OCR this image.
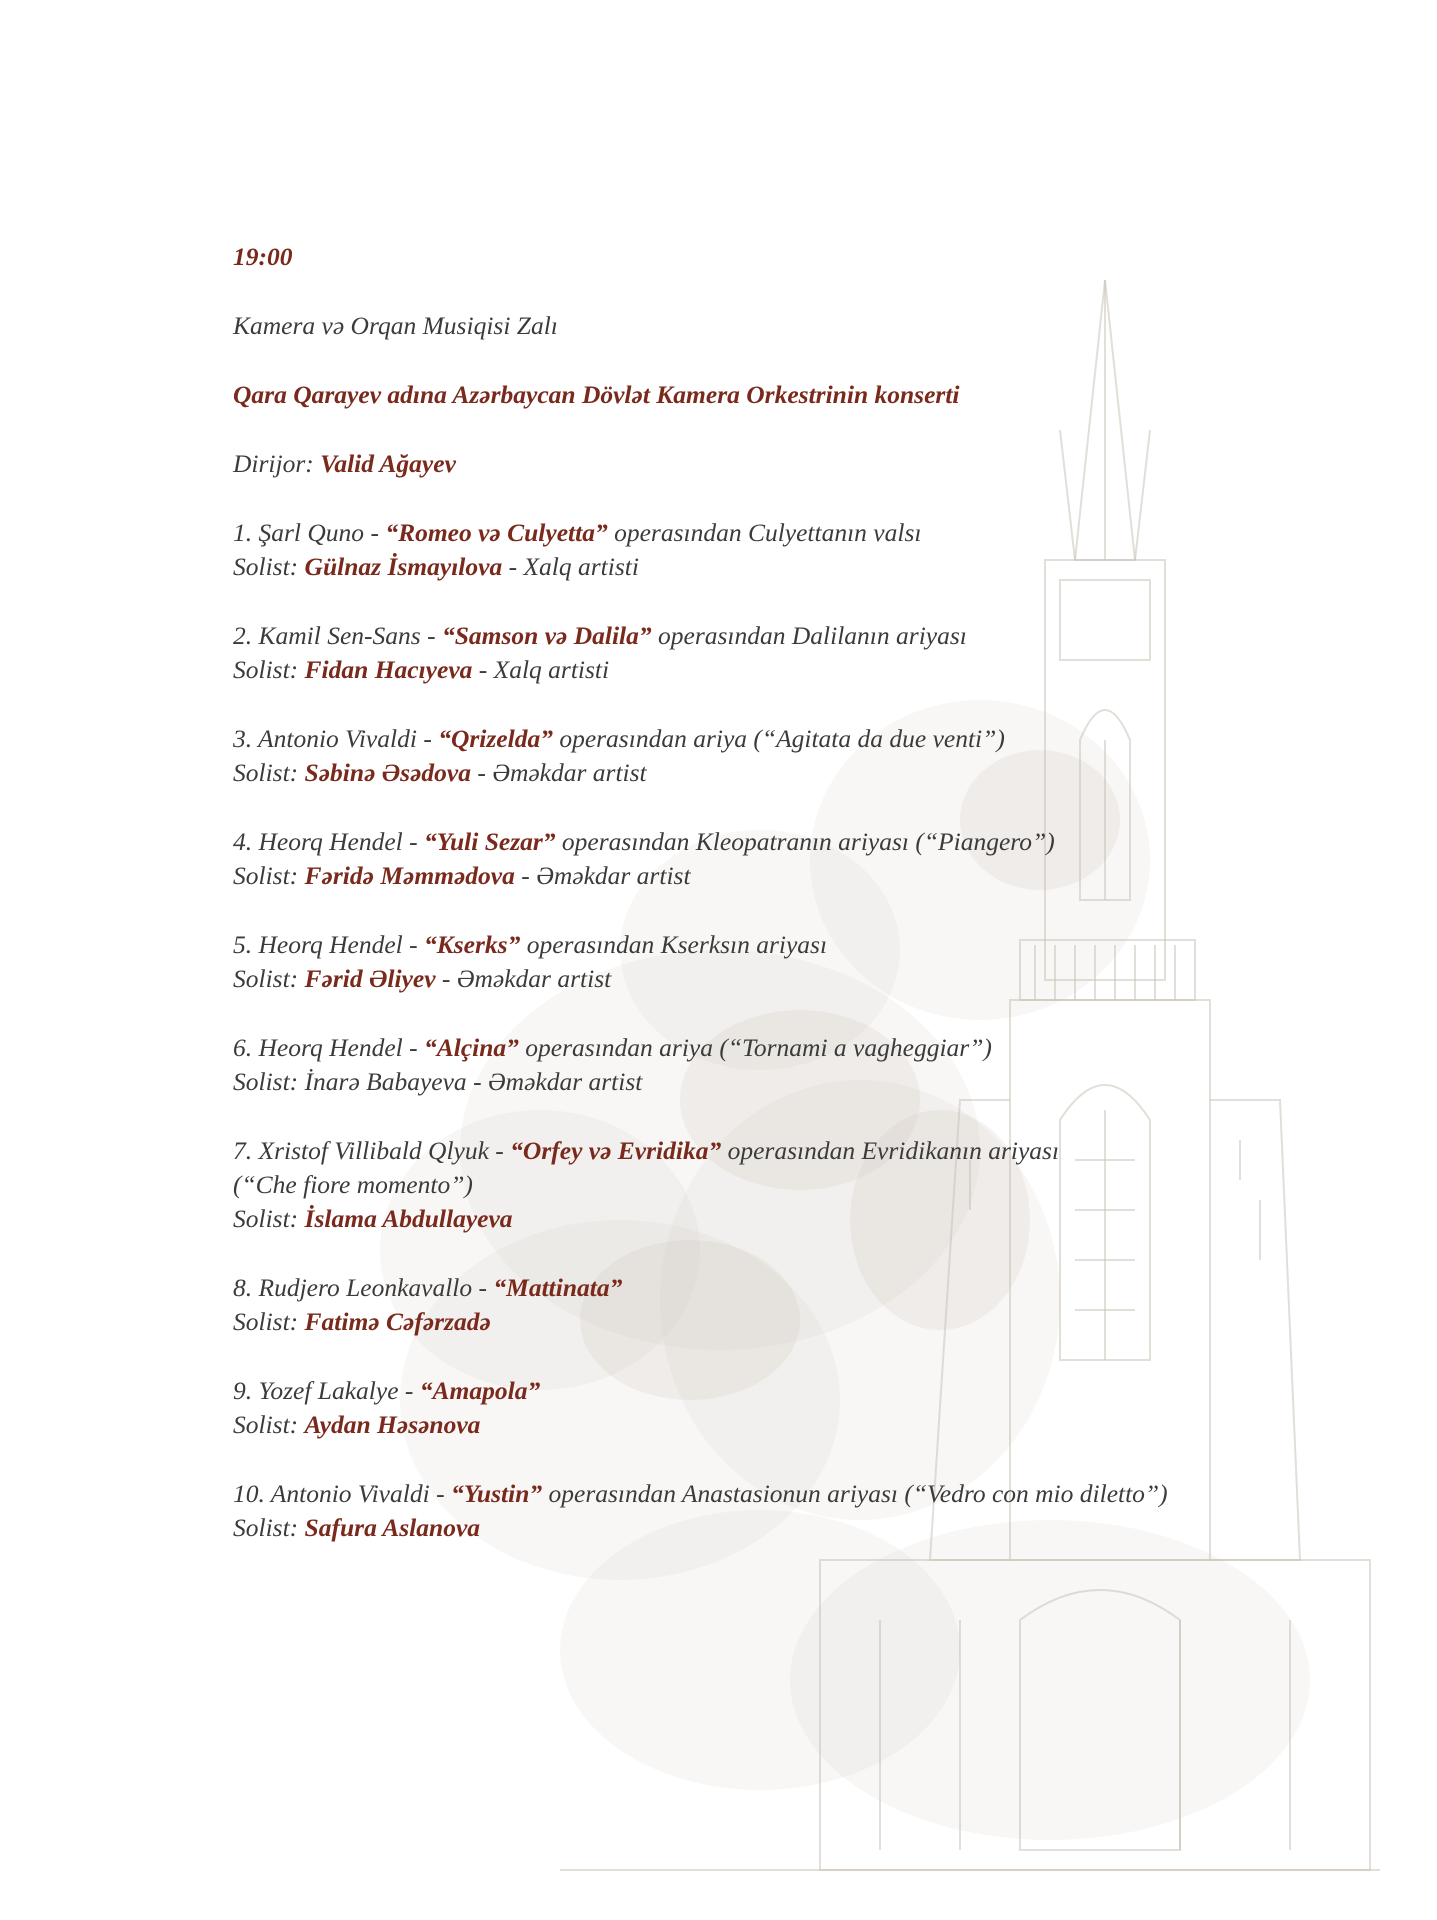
19:00
Kamera və Orqan Musiqisi Zalı
Qara Qarayev adına Azərbaycan Dövlət Kamera Orkestrinin konserti
Dirijor: Valid Ağayev
1. Şarl Quno - “Romeo və Culyetta” operasından Culyettanın valsı
Solist: Gülnaz İsmayılova - Xalq artisti
2. Kamil Sen-Sans - “Samson və Dalila” operasından Dalilanın ariyası
Solist: Fidan Hacıyeva - Xalq artisti
3. Antonio Vivaldi - “Qrizelda” operasından ariya (“Agitata da due venti”)
Solist: Səbinə Əsədova - Əməkdar artist
4. Heorq Hendel - “Yuli Sezar” operasından Kleopatranın ariyası (“Piangero”)
Solist: Fəridə Məmmədova - Əməkdar artist
5. Heorq Hendel - “Kserks” operasından Kserksın ariyası
Solist: Fərid Əliyev - Əməkdar artist
6. Heorq Hendel - “Alçina” operasından ariya (“Tornami a vagheggiar”)
Solist: İnarə Babayeva - Əməkdar artist
7. Xristof Villibald Qlyuk - “Orfey və Evridika” operasından Evridikanın ariyası
(“Che fiore momento”)
Solist: İslama Abdullayeva
8. Rudjero Leonkavallo - “Mattinata”
Solist: Fatimə Cəfərzadə
9. Yozef Lakalye - “Amapola”
Solist: Aydan Həsənova
10. Antonio Vivaldi - “Yustin” operasından Anastasionun ariyası (“Vedro con mio diletto”)
Solist: Safura Aslanova
